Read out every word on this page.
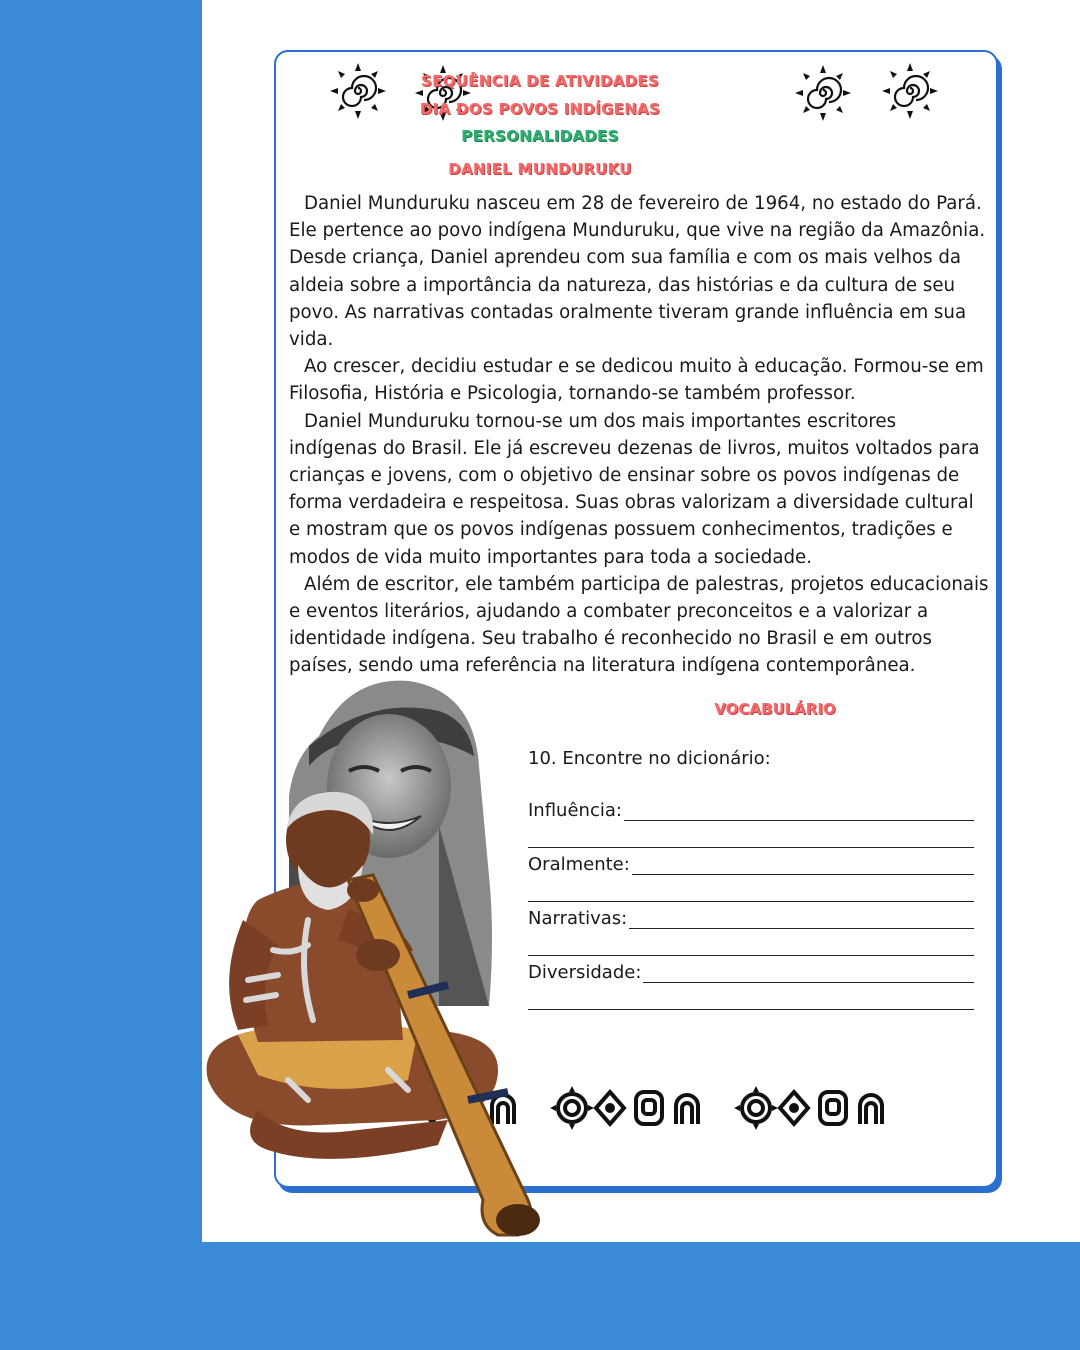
SEQUÊNCIA DE ATIVIDADES
DIA DOS POVOS INDÍGENAS
PERSONALIDADES
DANIEL MUNDURUKU

Daniel Munduruku nasceu em 28 de fevereiro de 1964, no estado do Pará. Ele pertence ao povo indígena Munduruku, que vive na região da Amazônia. Desde criança, Daniel aprendeu com sua família e com os mais velhos da aldeia sobre a importância da natureza, das histórias e da cultura de seu povo. As narrativas contadas oralmente tiveram grande influência em sua vida.

Ao crescer, decidiu estudar e se dedicou muito à educação. Formou-se em Filosofia, História e Psicologia, tornando-se também professor.

Daniel Munduruku tornou-se um dos mais importantes escritores indígenas do Brasil. Ele já escreveu dezenas de livros, muitos voltados para crianças e jovens, com o objetivo de ensinar sobre os povos indígenas de forma verdadeira e respeitosa. Suas obras valorizam a diversidade cultural e mostram que os povos indígenas possuem conhecimentos, tradições e modos de vida muito importantes para toda a sociedade.

Além de escritor, ele também participa de palestras, projetos educacionais e eventos literários, ajudando a combater preconceitos e a valorizar a identidade indígena. Seu trabalho é reconhecido no Brasil e em outros países, sendo uma referência na literatura indígena contemporânea.

VOCABULÁRIO
10. Encontre no dicionário:
Influência:
Oralmente:
Narrativas:
Diversidade:
